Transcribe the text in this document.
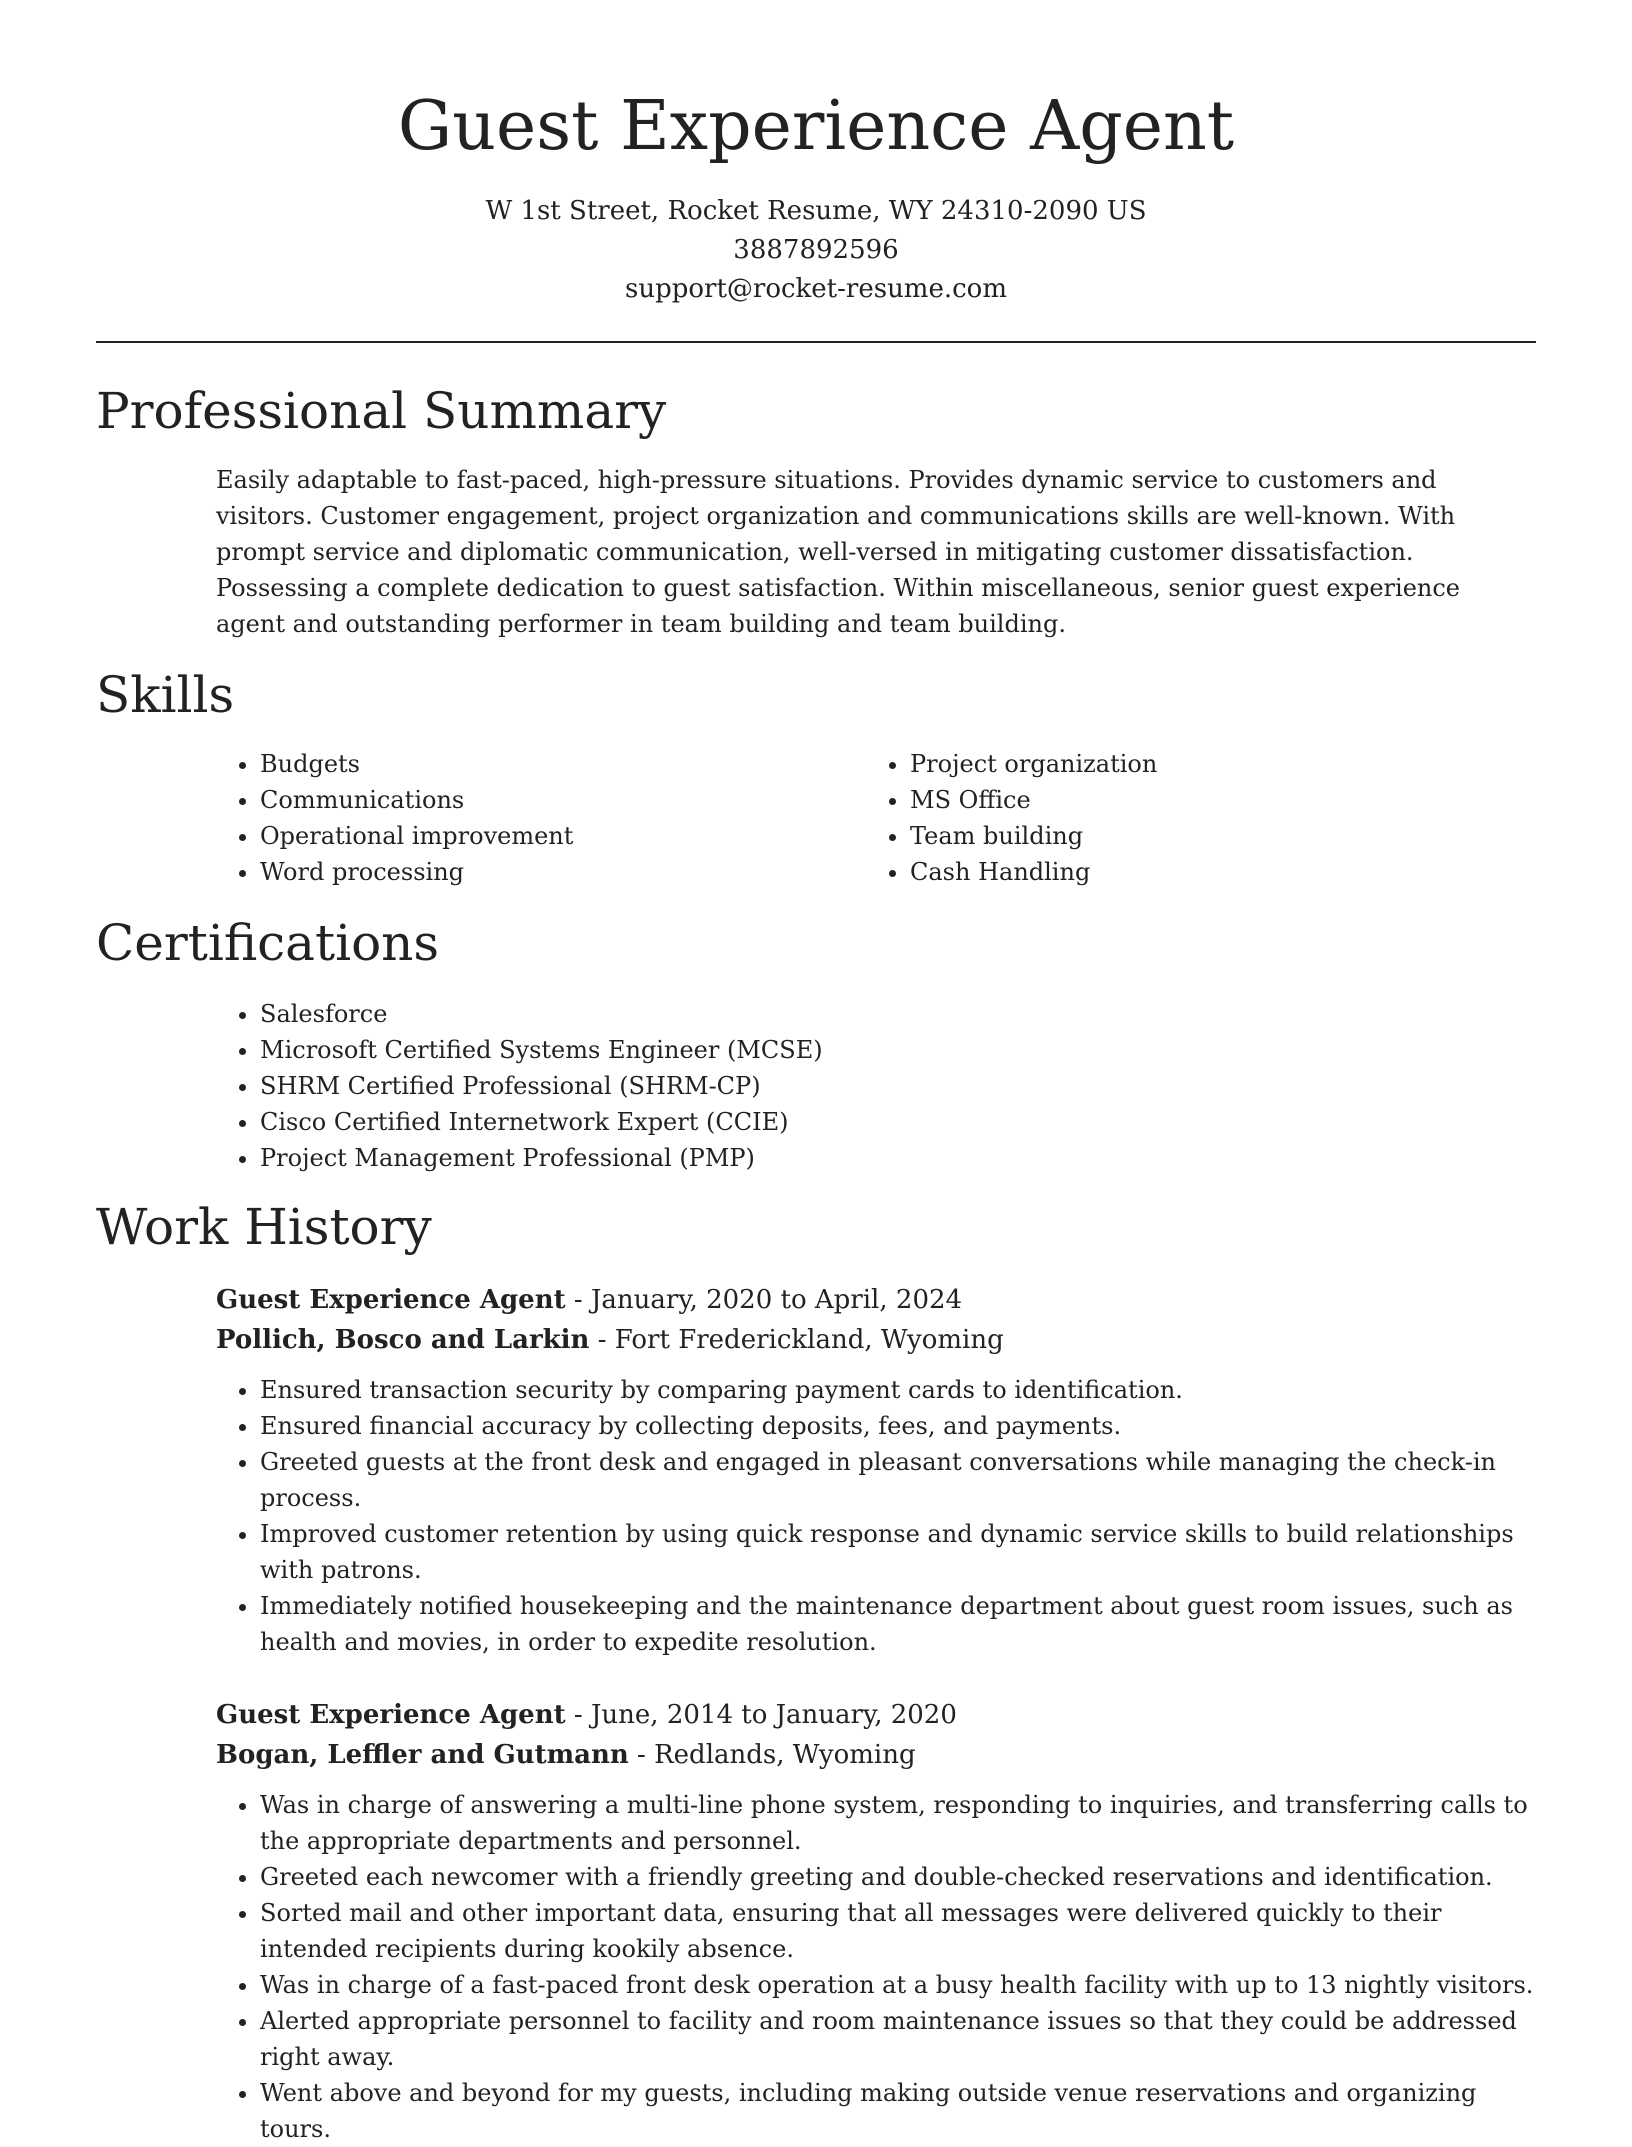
Guest Experience Agent
W 1st Street, Rocket Resume, WY 24310-2090 US
3887892596
support@rocket-resume.com
Professional Summary

Easily adaptable to fast-paced, high-pressure situations. Provides dynamic service to customers and visitors. Customer engagement, project organization and communications skills are well-known. With prompt service and diplomatic communication, well-versed in mitigating customer dissatisfaction. Possessing a complete dedication to guest satisfaction. Within miscellaneous, senior guest experience agent and outstanding performer in team building and team building.

Skills
• Budgets
• Communications
• Operational improvement
• Word processing
• Project organization
• MS Office
• Team building
• Cash Handling
Certifications
• Salesforce
• Microsoft Certified Systems Engineer (MCSE)
• SHRM Certified Professional (SHRM-CP)
• Cisco Certified Internetwork Expert (CCIE)
• Project Management Professional (PMP)
Work History
Guest Experience Agent - January, 2020 to April, 2024
Pollich, Bosco and Larkin - Fort Frederickland, Wyoming
• Ensured transaction security by comparing payment cards to identification.
• Ensured financial accuracy by collecting deposits, fees, and payments.
• Greeted guests at the front desk and engaged in pleasant conversations while managing the check-in process.
• Improved customer retention by using quick response and dynamic service skills to build relationships with patrons.
• Immediately notified housekeeping and the maintenance department about guest room issues, such as health and movies, in order to expedite resolution.
Guest Experience Agent - June, 2014 to January, 2020
Bogan, Leffler and Gutmann - Redlands, Wyoming
• Was in charge of answering a multi-line phone system, responding to inquiries, and transferring calls to the appropriate departments and personnel.
• Greeted each newcomer with a friendly greeting and double-checked reservations and identification.
• Sorted mail and other important data, ensuring that all messages were delivered quickly to their intended recipients during kookily absence.
• Was in charge of a fast-paced front desk operation at a busy health facility with up to 13 nightly visitors.
• Alerted appropriate personnel to facility and room maintenance issues so that they could be addressed right away.
• Went above and beyond for my guests, including making outside venue reservations and organizing tours.
